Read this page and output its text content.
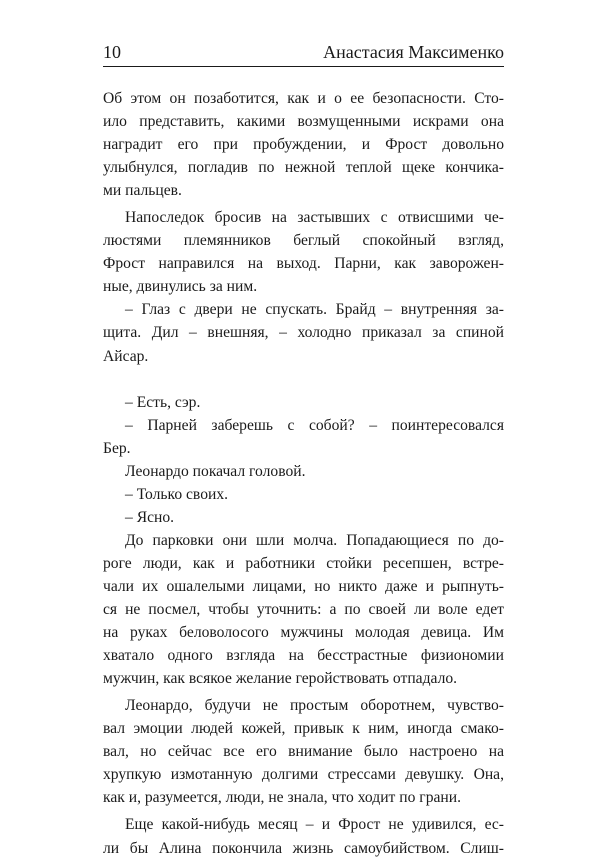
10	Анастасия Максименко
Об этом он позаботится, как и о ее безопасности. Сто-
ило представить, какими возмущенными искрами она
наградит его при пробуждении, и Фрост довольно
улыбнулся, погладив по нежной теплой щеке кончика-
ми пальцев.
Напоследок бросив на застывших с отвисшими че-
люстями племянников беглый спокойный взгляд,
Фрост направился на выход. Парни, как заворожен-
ные, двинулись за ним.
– Глаз с двери не спускать. Брайд – внутренняя за-
щита. Дил – внешняя, – холодно приказал за спиной
Айсар.
– Есть, сэр.
– Парней заберешь с собой? – поинтересовался
Бер.
Леонардо покачал головой.
– Только своих.
– Ясно.
До парковки они шли молча. Попадающиеся по до-
роге люди, как и работники стойки ресепшен, встре-
чали их ошалелыми лицами, но никто даже и рыпнуть-
ся не посмел, чтобы уточнить: а по своей ли воле едет
на руках беловолосого мужчины молодая девица. Им
хватало одного взгляда на бесстрастные физиономии
мужчин, как всякое желание геройствовать отпадало.
Леонардо, будучи не простым оборотнем, чувство-
вал эмоции людей кожей, привык к ним, иногда смако-
вал, но сейчас все его внимание было настроено на
хрупкую измотанную долгими стрессами девушку. Она,
как и, разумеется, люди, не знала, что ходит по грани.
Еще какой-нибудь месяц – и Фрост не удивился, ес-
ли бы Алина покончила жизнь самоубийством. Слиш-
